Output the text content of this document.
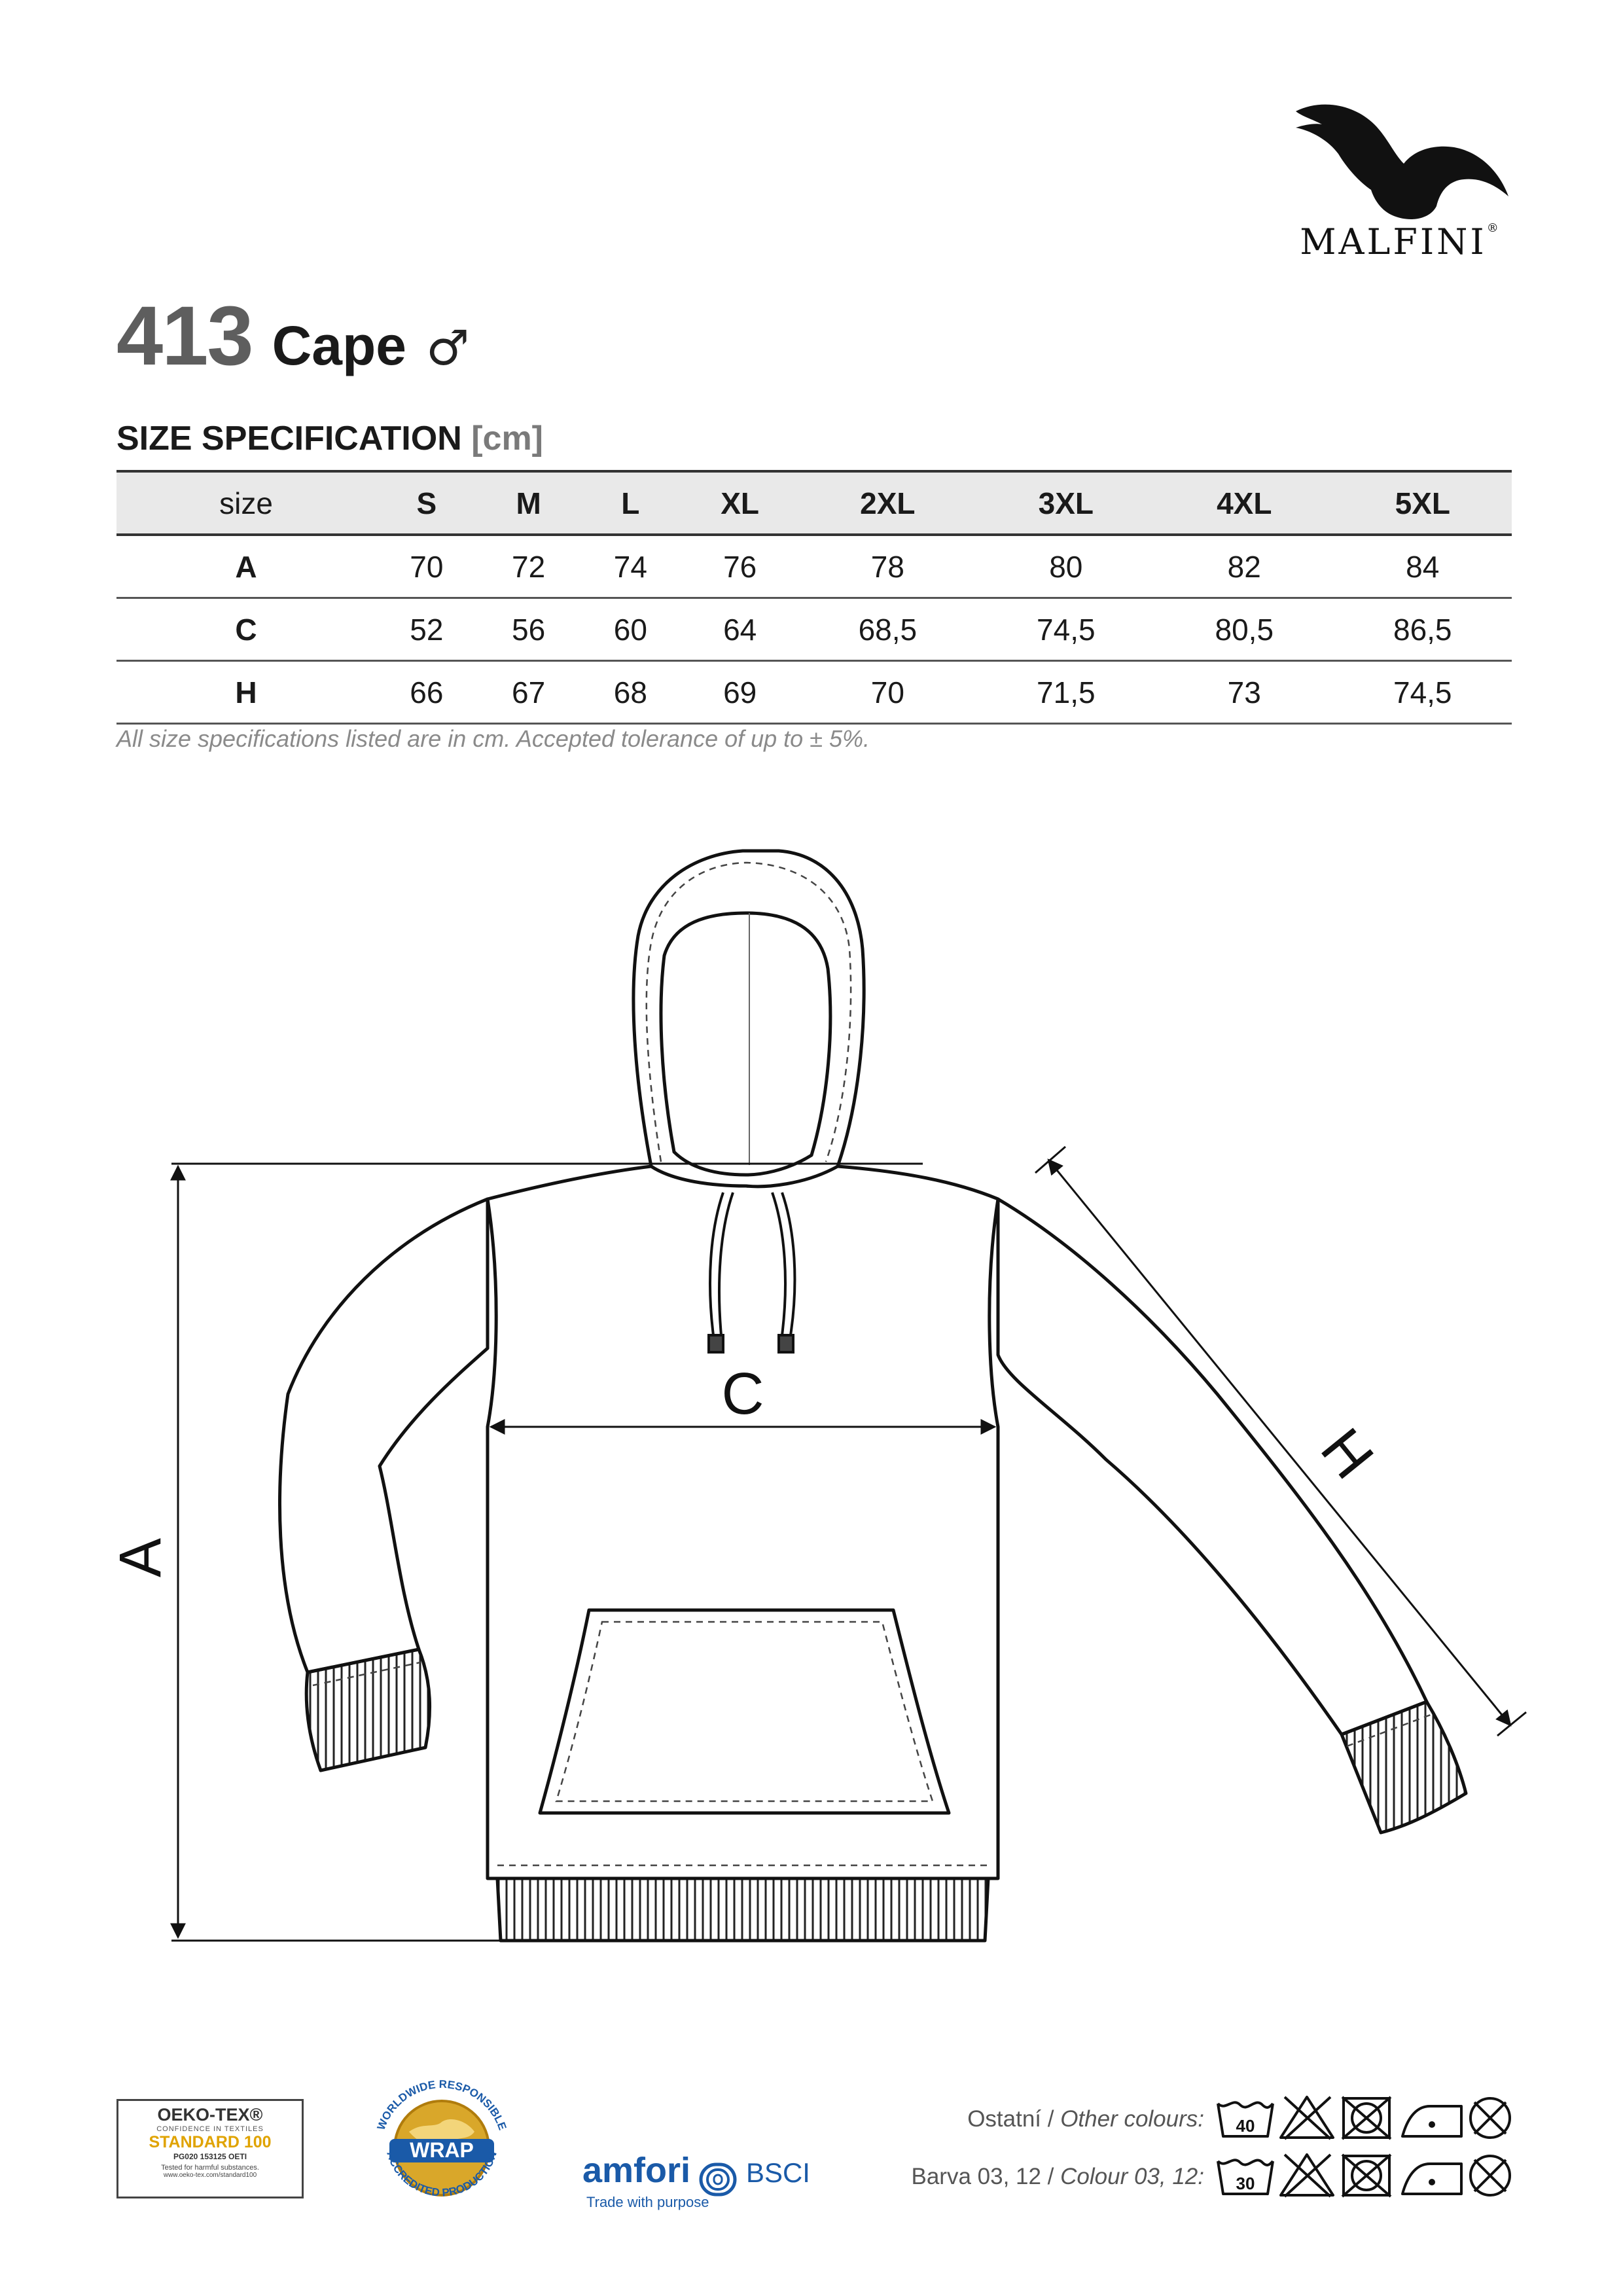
MALFINI®
413 Cape ♂
SIZE SPECIFICATION [cm]
size	S	M	L	XL	2XL	3XL	4XL	5XL
A	70	72	74	76	78	80	82	84
C	52	56	60	64	68,5	74,5	80,5	86,5
H	66	67	68	69	70	71,5	73	74,5
All size specifications listed are in cm. Accepted tolerance of up to ± 5%.
A
C
H
OEKO-TEX®
CONFIDENCE IN TEXTILES
STANDARD 100
PG020 153125 OETI
Tested for harmful substances.
www.oeko-tex.com/standard100
WRAP
WORLDWIDE RESPONSIBLE
ACCREDITED PRODUCTION amfori BSCI
Trade with purpose
Ostatní / Other colours:
Barva 03, 12 / Colour 03, 12:
40
30
